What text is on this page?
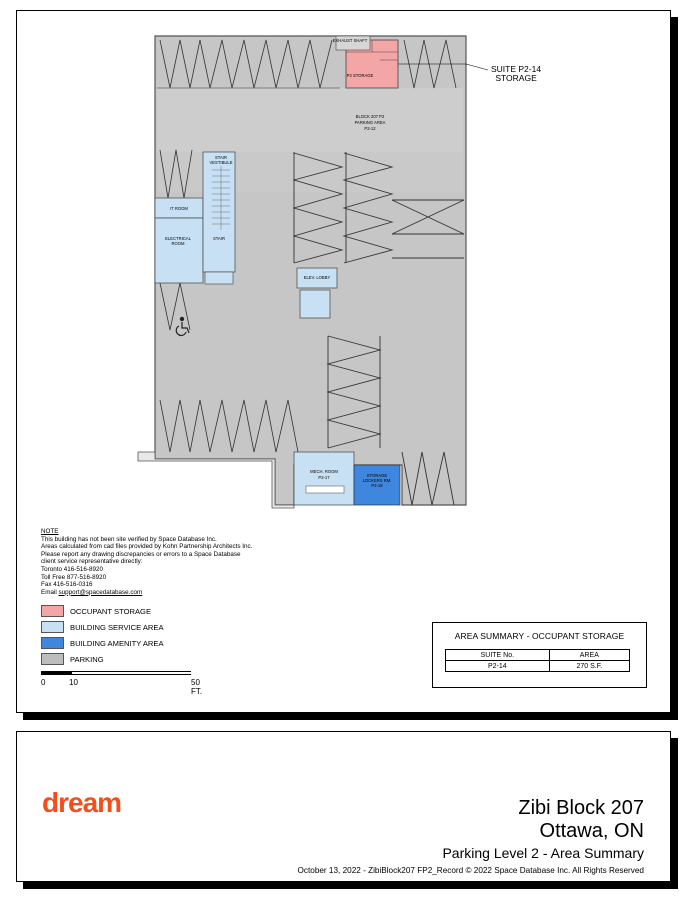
EXHAUST SHAFT
P2 STORAGE
BLOCK 207 P2
PARKING AREA
P2-12
STAIR
VESTIBULE
IT ROOM
ELECTRICAL
ROOM
STAIR
ELEV. LOBBY
MECH. ROOM
P2-17	STORAGE
LOCKERS RM.
P2-18
SUITE P2-14
STORAGE
NOTE
This building has not been site verified by Space Database Inc.
Areas calculated from cad files provided by Kohn Partnership Architects Inc.
Please report any drawing discrepancies or errors to a Space Database
client service representative directly:
Toronto 416-516-8920
Toll Free 877-516-8920
Fax 416-516-0316
Email support@spacedatabase.com
OCCUPANT STORAGE
BUILDING SERVICE AREA
BUILDING AMENITY AREA
PARKING
0	10	50 FT.
AREA SUMMARY - OCCUPANT STORAGE
SUITE No.	AREA
P2-14	270 S.F.
dream	Zibi Block 207
Ottawa, ON
Parking Level 2 - Area Summary
October 13, 2022 - ZibiBlock207 FP2_Record © 2022 Space Database Inc. All Rights Reserved
